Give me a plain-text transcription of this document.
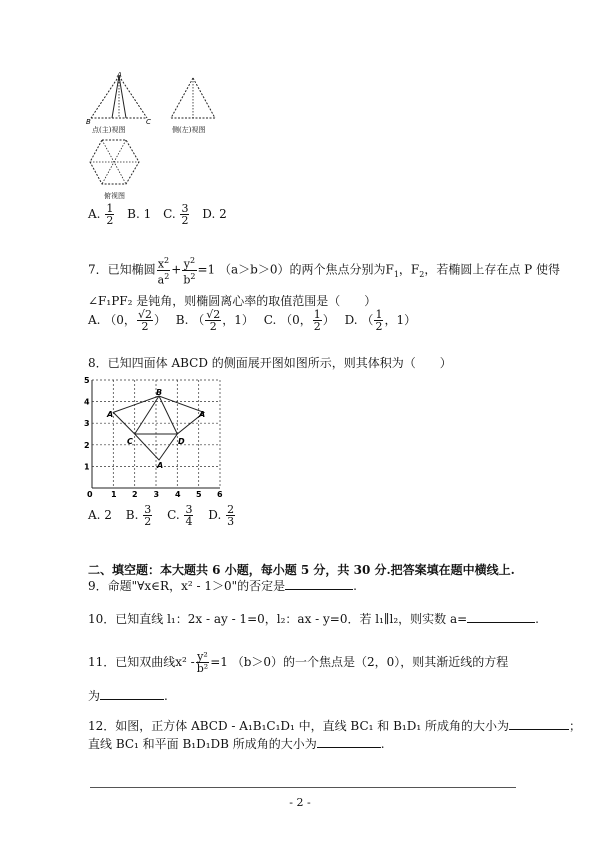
A
B	C
点(主)视图	侧(左)视图
俯视图
A. $\frac{1}{2} B$. 1 C. $\frac{3}{2} D$. 2
7．已知椭圆 $\frac{x^2}{a^2} + \frac{y^2}{b^2} =1$ （a＞b＞0）的两个焦点分别为$F_1$，$F_2$，若椭圆上存在点 P 使得
∠F₁PF₂ 是钝角，则椭圆离心率的取值范围是（　　）
A. （0， $\frac{√2}{2}$ ） B. （ $\frac{√2}{2}$ ，1） C. （0， $\frac{1}{2}$ ） D. （ $\frac{1}{2}$ ，1）
8．已知四面体 ABCD 的侧面展开图如图所示，则其体积为（　　）
5
4
3
2
1
0 1 2 3 4 5 6
B
A	A
C	D
A
A. 2 B. $\frac{3}{2} C$. $\frac{3}{4} D$. $\frac{2}{3}$
二、填空题：本大题共 6 小题，每小题 5 分，共 30 分.把答案填在题中横线上.
9．命题"∀x∈R，x² - 1＞0"的否定是	.
10．已知直线 l₁：2x - ay - 1=0，l₂：ax - y=0．若 l₁∥l₂，则实数 a=	.
11．已知双曲线$x^2 - \frac{\text{y²}}{\text{b²}} =1$ （b＞0）的一个焦点是（2，0），则其渐近线的方程
为	.
12．如图，正方体 ABCD - A₁B₁C₁D₁ 中，直线 BC₁ 和 B₁D₁ 所成角的大小为	；
直线 BC₁ 和平面 B₁D₁DB 所成角的大小为	.
- 2 -
